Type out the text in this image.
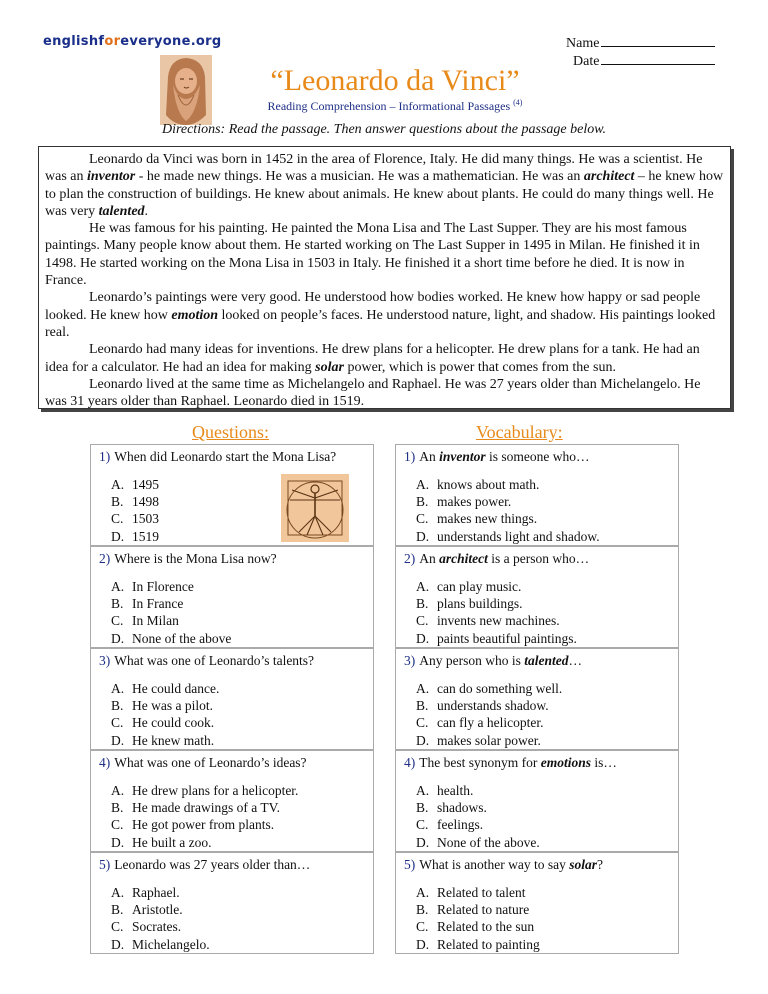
englishforeveryone.org	Name
Date
“Leonardo da Vinci”
Reading Comprehension – Informational Passages $^{(4)}$
Directions: Read the passage. Then answer questions about the passage below.

Leonardo da Vinci was born in 1452 in the area of Florence, Italy. He did many things. He was a scientist. He was an inventor - he made new things. He was a musician. He was a mathematician. He was an architect – he knew how to plan the construction of buildings. He knew about animals. He knew about plants. He could do many things well. He was very talented.

He was famous for his painting. He painted the Mona Lisa and The Last Supper. They are his most famous paintings. Many people know about them. He started working on The Last Supper in 1495 in Milan. He finished it in 1498. He started working on the Mona Lisa in 1503 in Italy. He finished it a short time before he died. It is now in France.

Leonardo’s paintings were very good. He understood how bodies worked. He knew how happy or sad people looked. He knew how emotion looked on people’s faces. He understood nature, light, and shadow. His paintings looked real.

Leonardo had many ideas for inventions. He drew plans for a helicopter. He drew plans for a tank. He had an idea for a calculator. He had an idea for making solar power, which is power that comes from the sun.

Leonardo lived at the same time as Michelangelo and Raphael. He was 27 years older than Michelangelo. He was 31 years older than Raphael. Leonardo died in 1519.

Questions:	Vocabulary:
1) When did Leonardo start the Mona Lisa?
A. 1495
B. 1498
C. 1503
D. 1519
2) Where is the Mona Lisa now?
A. In Florence
B. In France
C. In Milan
D. None of the above
3) What was one of Leonardo’s talents?
A. He could dance.
B. He was a pilot.
C. He could cook.
D. He knew math.
4) What was one of Leonardo’s ideas?
A. He drew plans for a helicopter.
B. He made drawings of a TV.
C. He got power from plants.
D. He built a zoo.
5) Leonardo was 27 years older than…
A. Raphael.
B. Aristotle.
C. Socrates.
D. Michelangelo.
1) An inventor is someone who…
A. knows about math.
B. makes power.
C. makes new things.
D. understands light and shadow.
2) An architect is a person who…
A. can play music.
B. plans buildings.
C. invents new machines.
D. paints beautiful paintings.
3) Any person who is talented…
A. can do something well.
B. understands shadow.
C. can fly a helicopter.
D. makes solar power.
4) The best synonym for emotions is…
A. health.
B. shadows.
C. feelings.
D. None of the above.
5) What is another way to say solar?
A. Related to talent
B. Related to nature
C. Related to the sun
D. Related to painting
